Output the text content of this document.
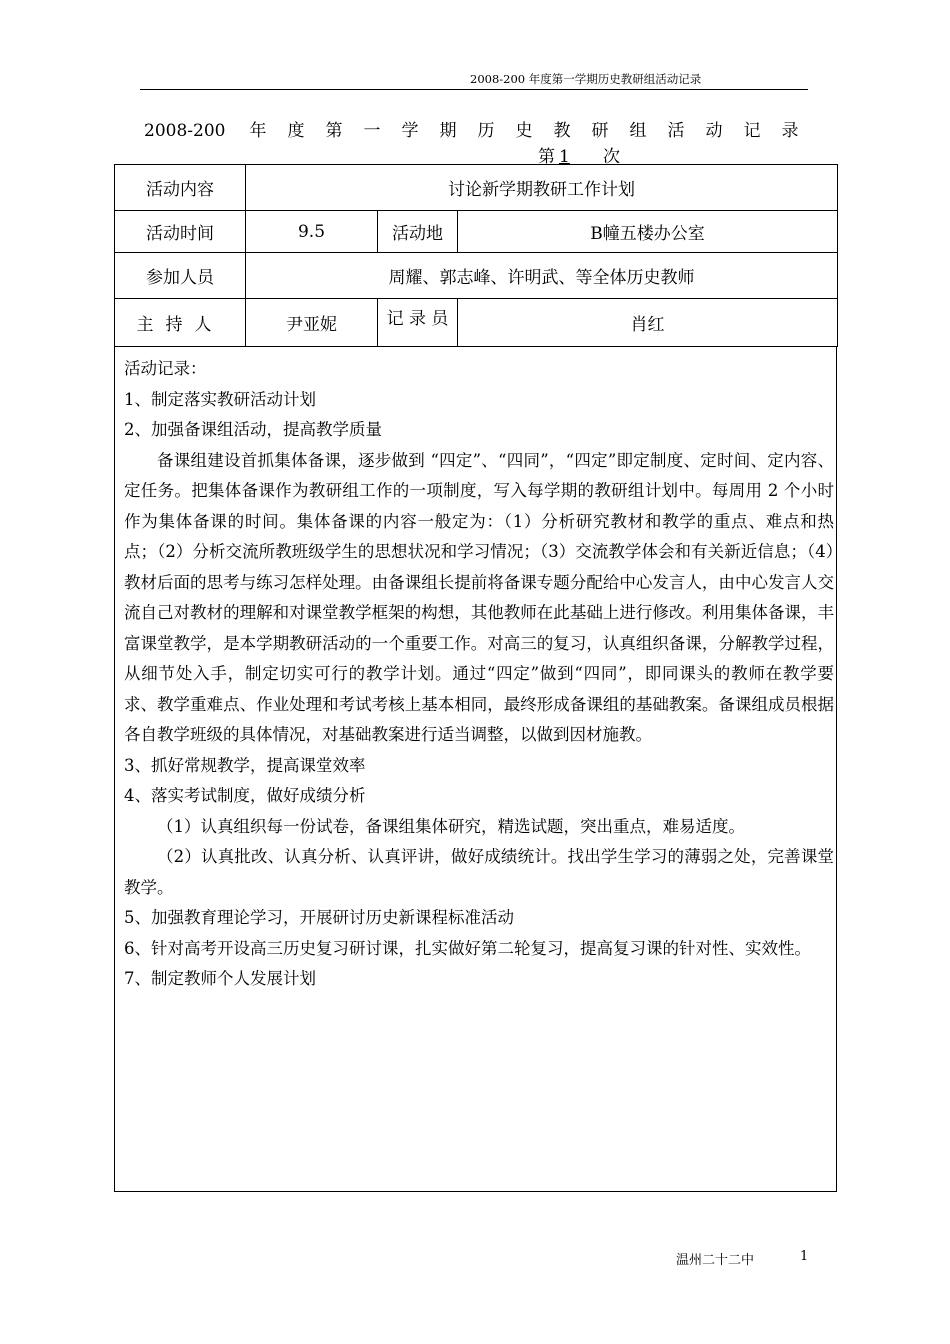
2008-200 年度第一学期历史教研组活动记录
2008-200 年度第一学期历史教研组活动记录
第 1 次
活动内容	讨论新学期教研工作计划		
活动时间	9.5	活动地	B幢五楼办公室
参加人员	周耀、郭志峰、许明武、等全体历史教师		
主持人	尹亚妮	记 录 员	肖红

活动记录：

1、制定落实教研活动计划

2、加强备课组活动，提高教学质量

备课组建设首抓集体备课，逐步做到 “四定”、“四同”，“四定”即定制度、定时间、定内容、定任务。把集体备课作为教研组工作的一项制度，写入每学期的教研组计划中。每周用 2 个小时作为集体备课的时间。集体备课的内容一般定为：（1）分析研究教材和教学的重点、难点和热点；（2）分析交流所教班级学生的思想状况和学习情况；（3）交流教学体会和有关新近信息；（4）教材后面的思考与练习怎样处理。由备课组长提前将备课专题分配给中心发言人，由中心发言人交流自己对教材的理解和对课堂教学框架的构想，其他教师在此基础上进行修改。利用集体备课，丰富课堂教学，是本学期教研活动的一个重要工作。对高三的复习，认真组织备课，分解教学过程，从细节处入手，制定切实可行的教学计划。通过“四定”做到“四同”，即同课头的教师在教学要求、教学重难点、作业处理和考试考核上基本相同，最终形成备课组的基础教案。备课组成员根据各自教学班级的具体情况，对基础教案进行适当调整，以做到因材施教。

3、抓好常规教学，提高课堂效率

4、落实考试制度，做好成绩分析

（1）认真组织每一份试卷，备课组集体研究，精选试题，突出重点，难易适度。

（2）认真批改、认真分析、认真评讲，做好成绩统计。找出学生学习的薄弱之处，完善课堂教学。

5、加强教育理论学习，开展研讨历史新课程标准活动

6、针对高考开设高三历史复习研讨课，扎实做好第二轮复习，提高复习课的针对性、实效性。

7、制定教师个人发展计划

温州二十二中	1
